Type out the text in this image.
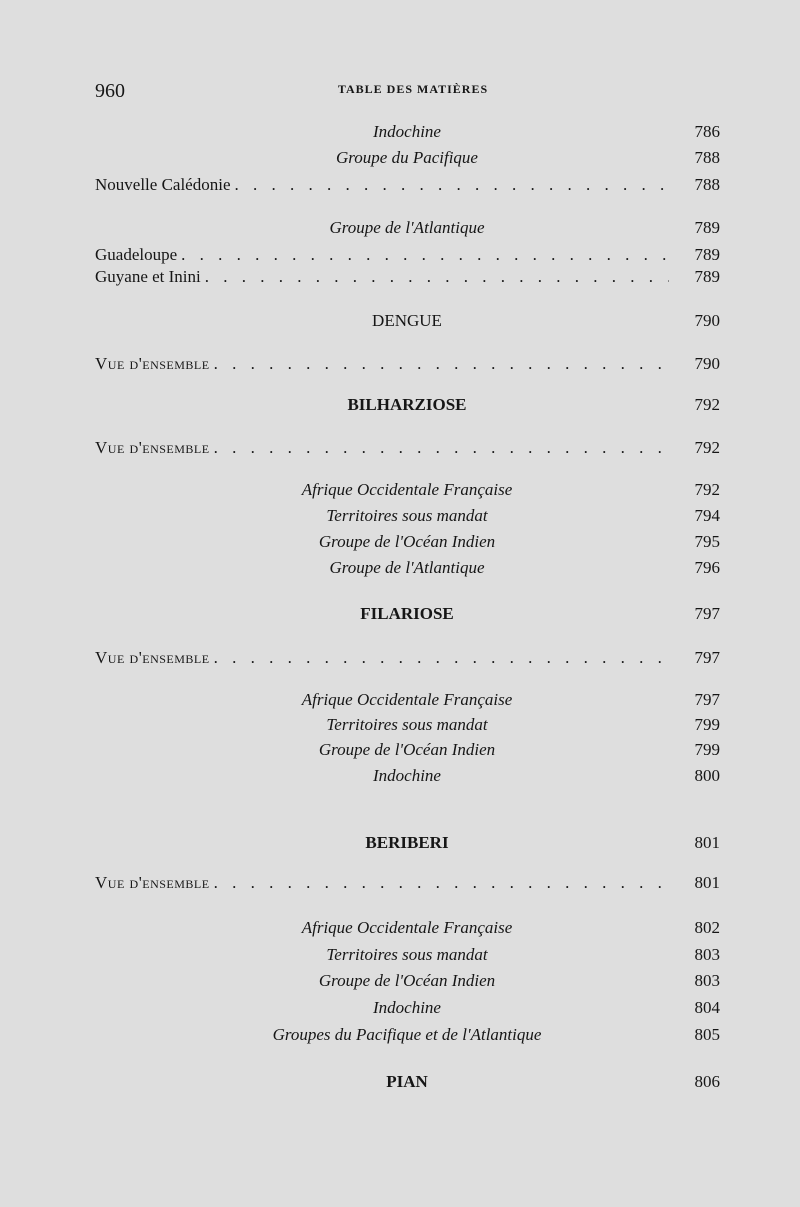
960	TABLE DES MATIÈRES
Indochine	786
Groupe du Pacifique	788
Nouvelle Calédonie . . .	788
Groupe de l'Atlantique	789
Guadeloupe . . .	789
Guyane et Inini . . .	789
DENGUE	790
Vue d'ensemble . . .	790
BILHARZIOSE	792
Vue d'ensemble . . .	792
Afrique Occidentale Française	792
Territoires sous mandat	794
Groupe de l'Océan Indien	795
Groupe de l'Atlantique	796
FILARIOSE	797
Vue d'ensemble . . .	797
Afrique Occidentale Française	797
Territoires sous mandat	799
Groupe de l'Océan Indien	799
Indochine	800
BERIBERI	801
Vue d'ensemble . . .	801
Afrique Occidentale Française	802
Territoires sous mandat	803
Groupe de l'Océan Indien	803
Indochine	804
Groupes du Pacifique et de l'Atlantique	805
PIAN	806
